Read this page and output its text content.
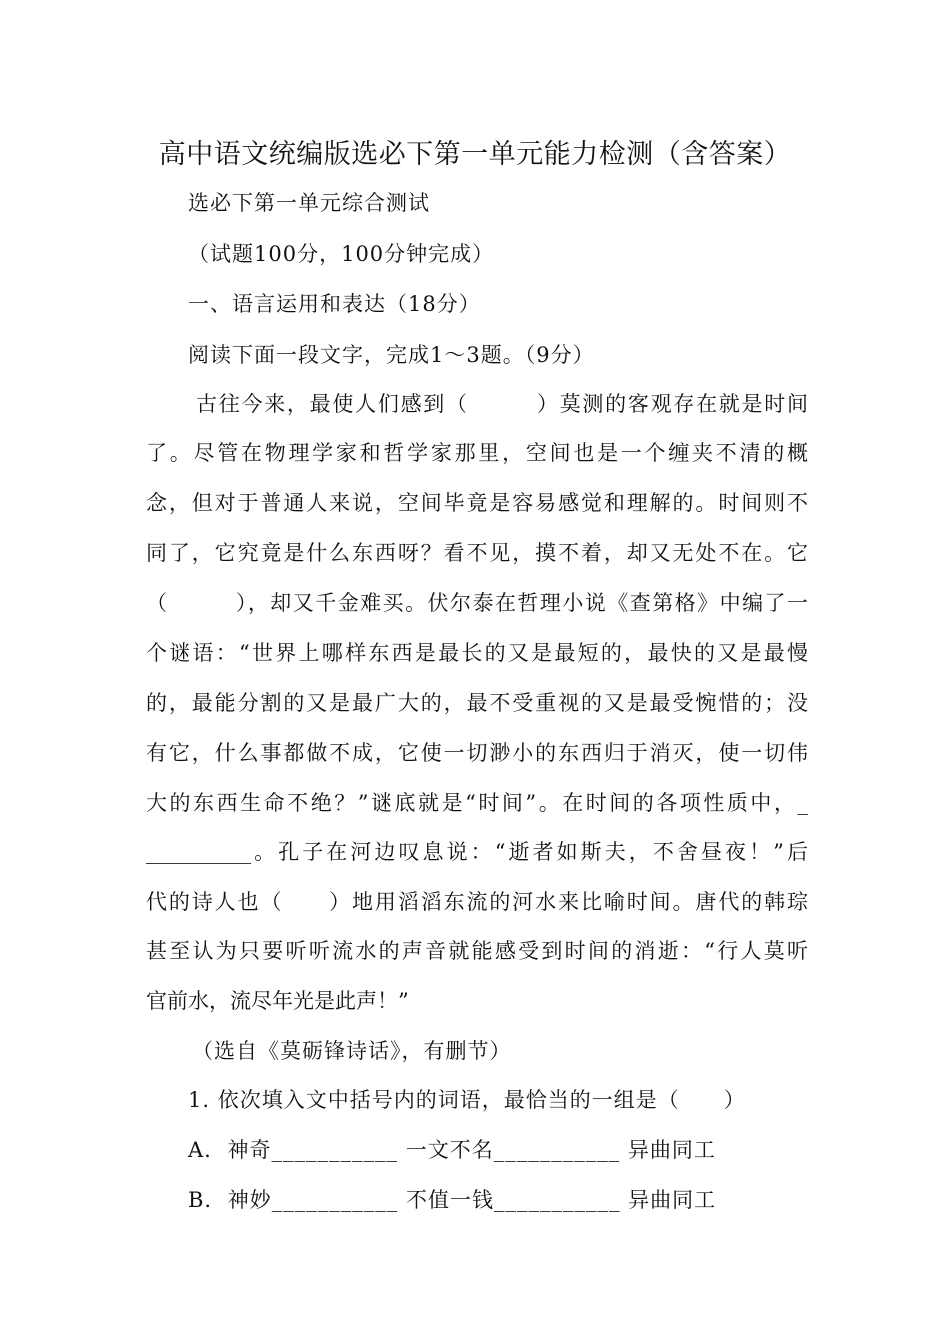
高中语文统编版选必下第一单元能力检测（含答案）
选必下第一单元综合测试
（试题100分，100分钟完成）
一、语言运用和表达（18分）
阅读下面一段文字，完成1～3题。（9分）
古往今来，最使人们感到（　　　）莫测的客观存在就是时间
了。尽管在物理学家和哲学家那里，空间也是一个缠夹不清的概
念，但对于普通人来说，空间毕竟是容易感觉和理解的。时间则不
同了，它究竟是什么东西呀？看不见，摸不着，却又无处不在。它
（　　　），却又千金难买。伏尔泰在哲理小说《查第格》中编了一
个谜语：“世界上哪样东西是最长的又是最短的，最快的又是最慢
的，最能分割的又是最广大的，最不受重视的又是最受惋惜的；没
有它，什么事都做不成，它使一切渺小的东西归于消灭，使一切伟
大的东西生命不绝？”谜底就是“时间”。在时间的各项性质中，_
__________。孔子在河边叹息说：“逝者如斯夫，不舍昼夜！”后
代的诗人也（　　）地用滔滔东流的河水来比喻时间。唐代的韩琮
甚至认为只要听听流水的声音就能感受到时间的消逝：“行人莫听
官前水，流尽年光是此声！”
（选自《莫砺锋诗话》，有删节）
1. 依次填入文中括号内的词语，最恰当的一组是（　　）
A. 神奇___________ 一文不名___________ 异曲同工
B. 神妙___________ 不值一钱___________ 异曲同工
